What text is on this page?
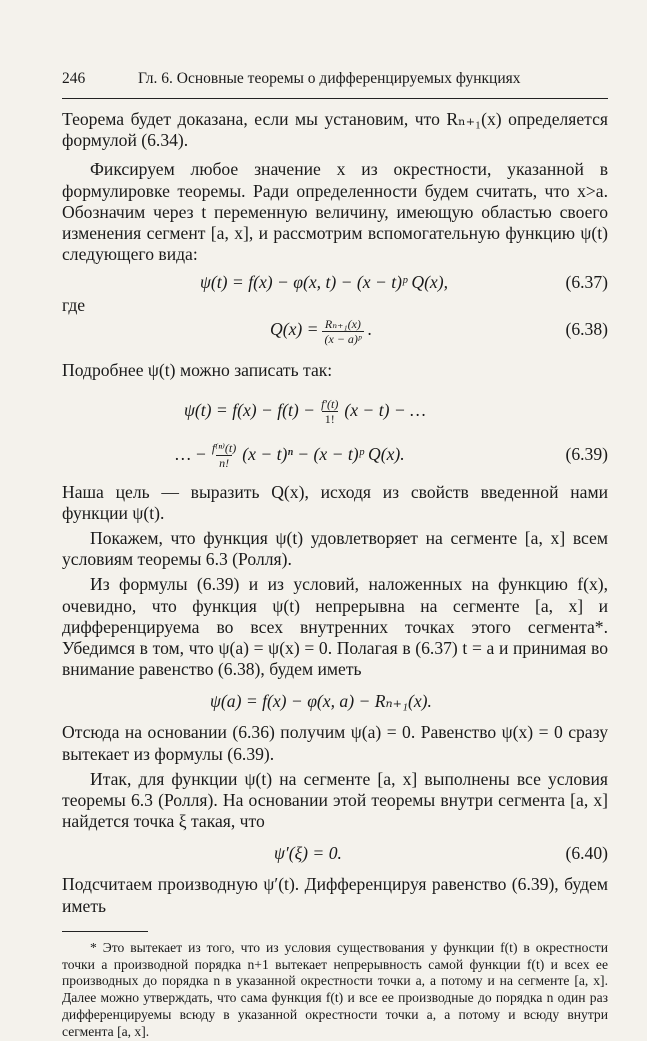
246	Гл. 6. Основные теоремы о дифференцируемых функциях

Теорема будет доказана, если мы установим, что Rₙ₊₁(x) определяется формулой (6.34).

Фиксируем любое значение x из окрестности, указанной в формулировке теоремы. Ради определенности будем считать, что x>a. Обозначим через t переменную величину, имеющую областью своего изменения сегмент [a, x], и рассмотрим вспомогательную функцию ψ(t) следующего вида:

ψ(t) = f(x) − φ(x, t) − (x − t)ᵖ Q(x),	(6.37)
где
$Q(x) = \frac{\text{Rₙ₊₁(x)}}{\text{(x − a)ᵖ}}$ .	(6.38)

Подробнее ψ(t) можно записать так:

$\psi(t) = f(x) - f(t) - \frac{f'(t)}{1!} (x - t)$ − …
… − $\frac{\text{f⁽ⁿ⁾(t)}}{n!} (x - t)^n - (x$ − t)ᵖ Q(x).	(6.39)

Наша цель — выразить Q(x), исходя из свойств введенной нами функции ψ(t).

Покажем, что функция ψ(t) удовлетворяет на сегменте [a, x] всем условиям теоремы 6.3 (Ролля).

Из формулы (6.39) и из условий, наложенных на функцию f(x), очевидно, что функция ψ(t) непрерывна на сегменте [a, x] и дифференцируема во всех внутренних точках этого сегмента*. Убедимся в том, что ψ(a) = ψ(x) = 0. Полагая в (6.37) t = a и принимая во внимание равенство (6.38), будем иметь

ψ(a) = f(x) − φ(x, a) − Rₙ₊₁(x).

Отсюда на основании (6.36) получим ψ(a) = 0. Равенство ψ(x) = 0 сразу вытекает из формулы (6.39).

Итак, для функции ψ(t) на сегменте [a, x] выполнены все условия теоремы 6.3 (Ролля). На основании этой теоремы внутри сегмента [a, x] найдется точка ξ такая, что

ψ′(ξ) = 0.	(6.40)

Подсчитаем производную ψ′(t). Дифференцируя равенство (6.39), будем иметь

* Это вытекает из того, что из условия существования у функции f(t) в окрестности точки a производной порядка n+1 вытекает непрерывность самой функции f(t) и всех ее производных до порядка n в указанной окрестности точки a, а потому и на сегменте [a, x]. Далее можно утверждать, что сама функция f(t) и все ее производные до порядка n один раз дифференцируемы всюду в указанной окрестности точки a, а потому и всюду внутри сегмента [a, x].
